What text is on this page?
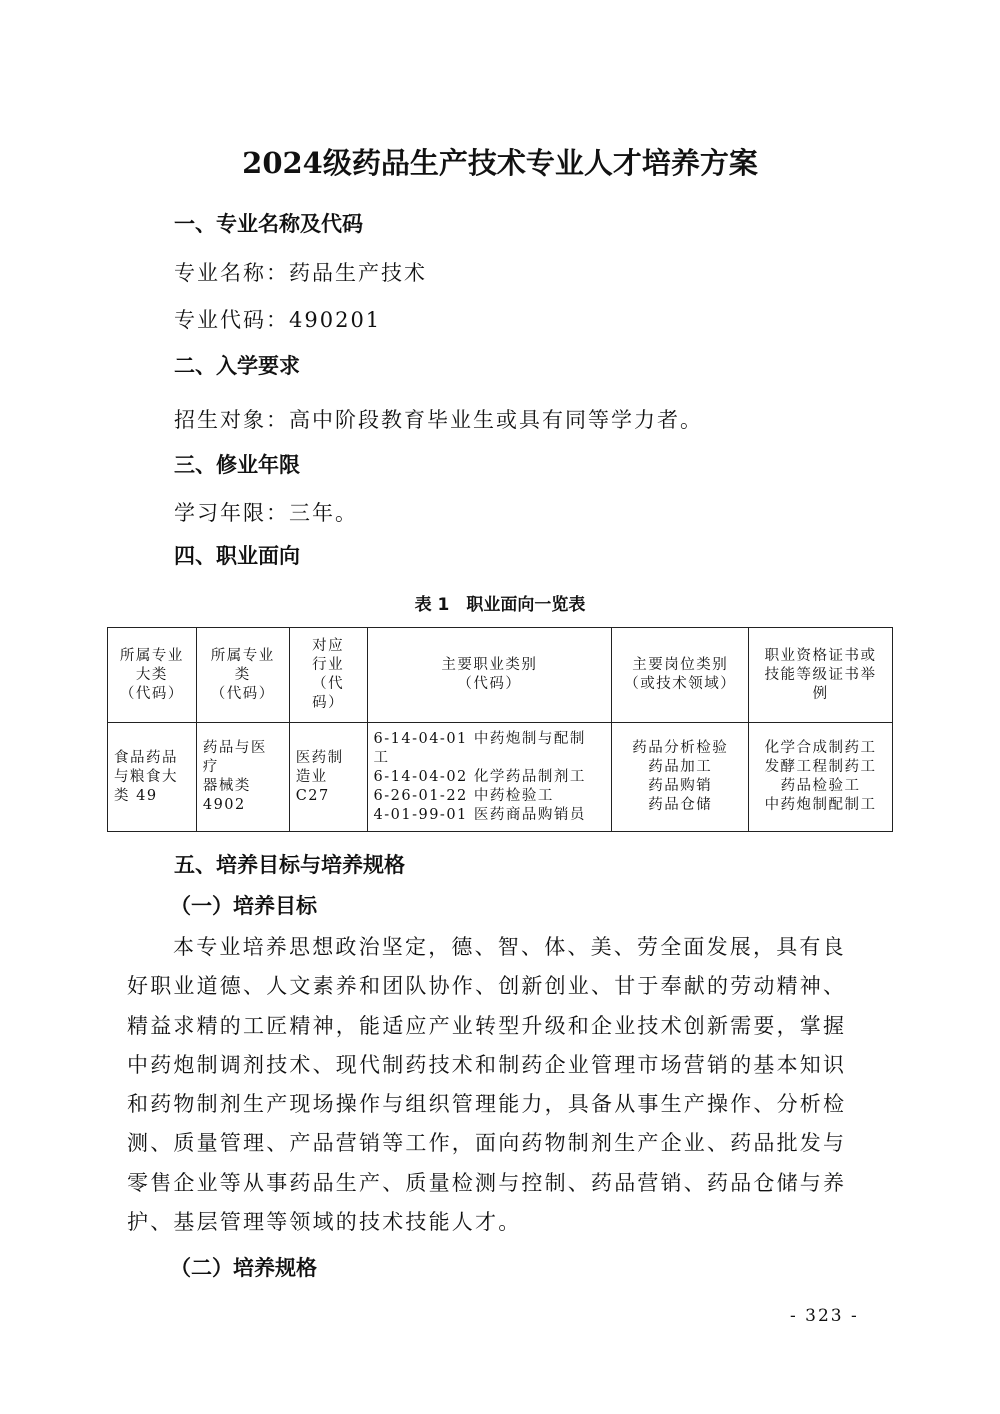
2024级药品生产技术专业人才培养方案
一、专业名称及代码
专业名称：药品生产技术
专业代码：490201
二、入学要求
招生对象：高中阶段教育毕业生或具有同等学力者。
三、修业年限
学习年限：三年。
四、职业面向
表 1　职业面向一览表
所属专业
大类
（代码）	所属专业
类
（代码）	对应
行业
（代
码）	主要职业类别
（代码）	主要岗位类别
（或技术领域）	职业资格证书或
技能等级证书举
例

食品药品
与粮食大
类 49	药品与医
疗
器械类
4902	医药制
造业
C27	6-14-04-01 中药炮制与配制
工
6-14-04-02 化学药品制剂工
6-26-01-22 中药检验工
4-01-99-01 医药商品购销员	药品分析检验
药品加工
药品购销
药品仓储	化学合成制药工
发酵工程制药工
药品检验工
中药炮制配制工
五、培养目标与培养规格
（一）培养目标
本专业培养思想政治坚定，德、智、体、美、劳全面发展，具有良
好职业道德、人文素养和团队协作、创新创业、甘于奉献的劳动精神、
精益求精的工匠精神，能适应产业转型升级和企业技术创新需要，掌握
中药炮制调剂技术、现代制药技术和制药企业管理市场营销的基本知识
和药物制剂生产现场操作与组织管理能力，具备从事生产操作、分析检
测、质量管理、产品营销等工作，面向药物制剂生产企业、药品批发与
零售企业等从事药品生产、质量检测与控制、药品营销、药品仓储与养
护、基层管理等领域的技术技能人才。
（二）培养规格
- 323 -
